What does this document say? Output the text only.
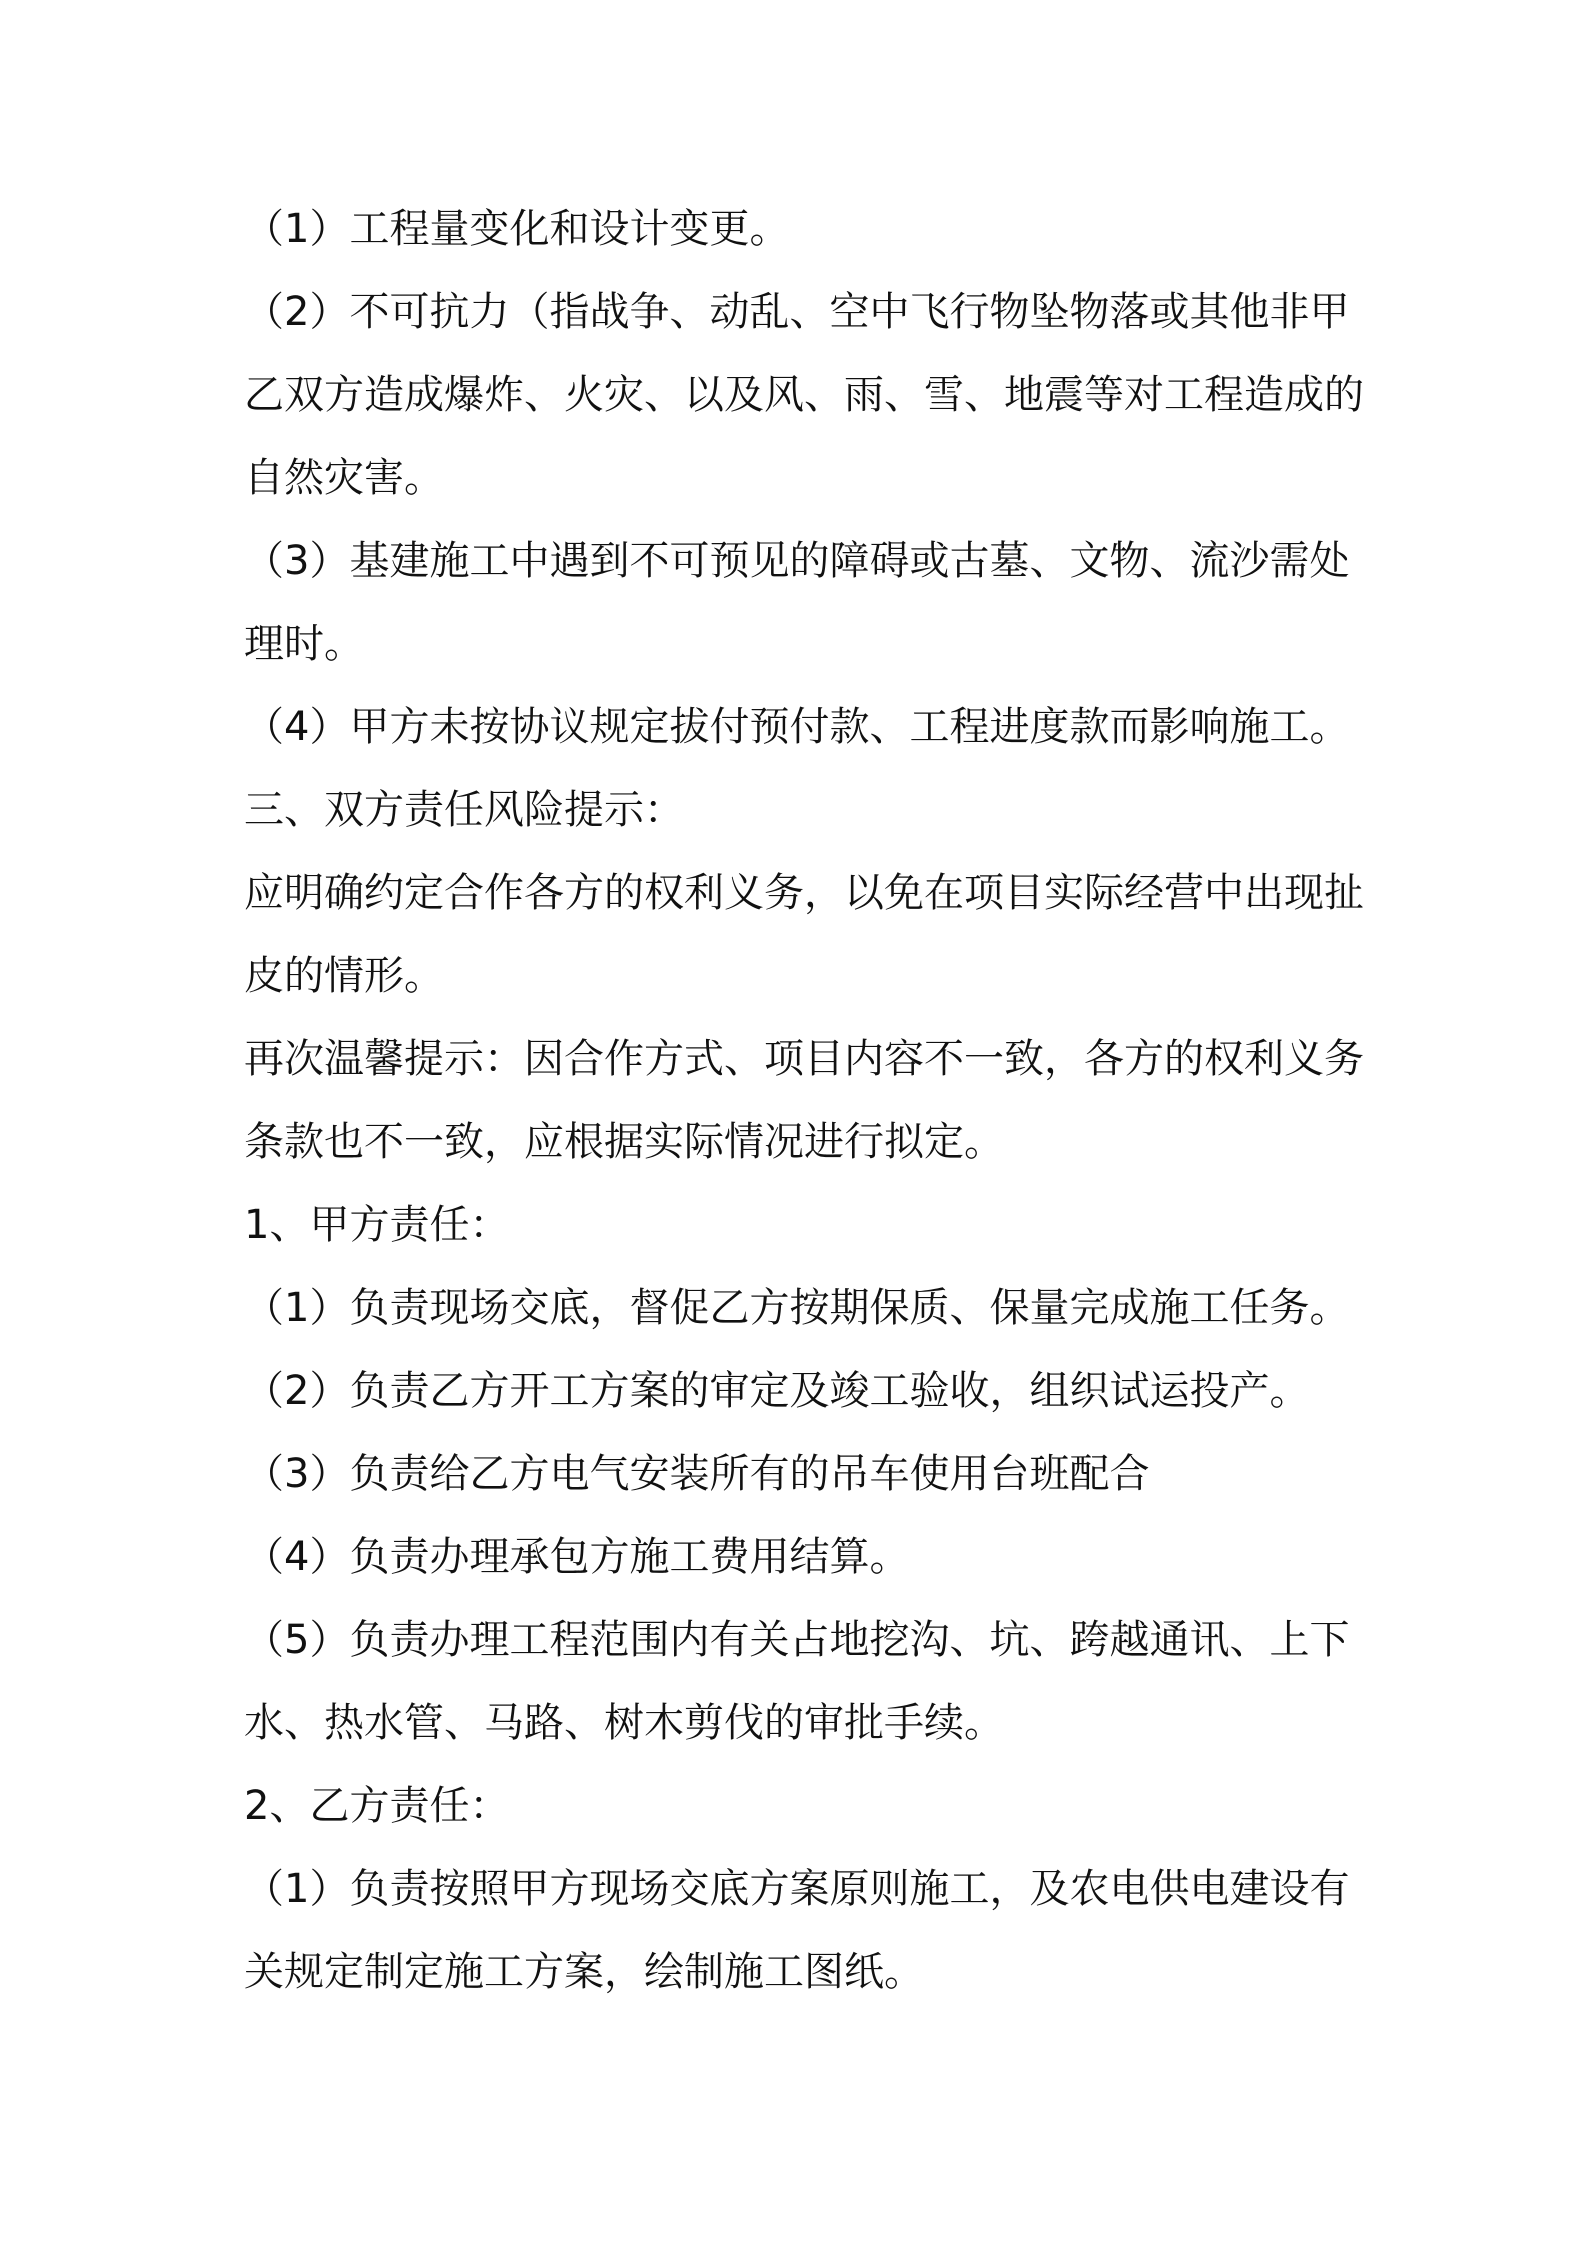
（1）工程量变化和设计变更。

（2）不可抗力（指战争、动乱、空中飞行物坠物落或其他非甲

乙双方造成爆炸、火灾、以及风、雨、雪、地震等对工程造成的

自然灾害。

（3）基建施工中遇到不可预见的障碍或古墓、文物、流沙需处

理时。

（4）甲方未按协议规定拔付预付款、工程进度款而影响施工。

三、双方责任风险提示：

应明确约定合作各方的权利义务，以免在项目实际经营中出现扯

皮的情形。

再次温馨提示：因合作方式、项目内容不一致，各方的权利义务

条款也不一致，应根据实际情况进行拟定。

1、甲方责任：

（1）负责现场交底，督促乙方按期保质、保量完成施工任务。

（2）负责乙方开工方案的审定及竣工验收，组织试运投产。

（3）负责给乙方电气安装所有的吊车使用台班配合

（4）负责办理承包方施工费用结算。

（5）负责办理工程范围内有关占地挖沟、坑、跨越通讯、上下

水、热水管、马路、树木剪伐的审批手续。

2、乙方责任：

（1）负责按照甲方现场交底方案原则施工，及农电供电建设有

关规定制定施工方案，绘制施工图纸。
